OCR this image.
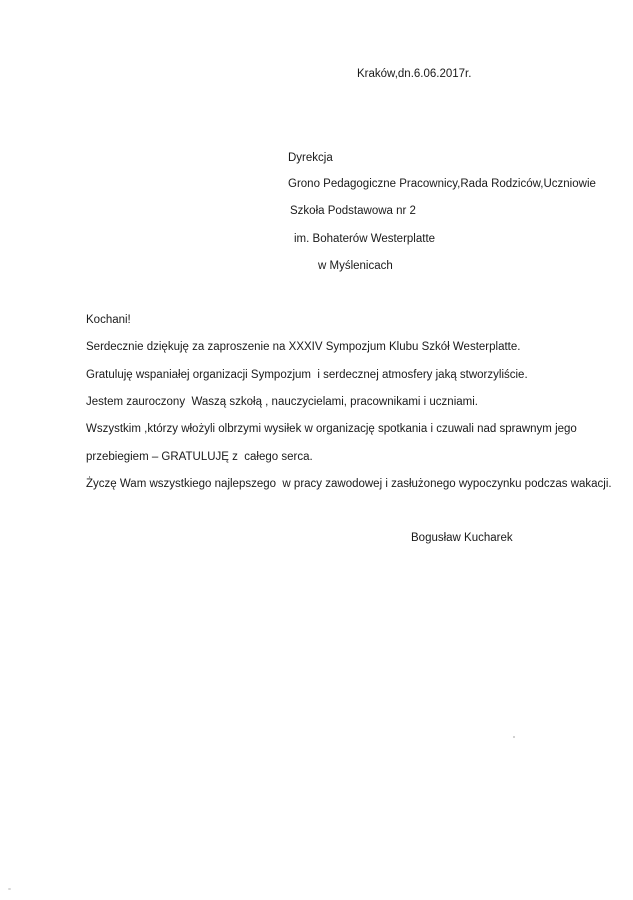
Kraków,dn.6.06.2017r.
Dyrekcja
Grono Pedagogiczne Pracownicy,Rada Rodziców,Uczniowie
Szkoła Podstawowa nr 2
im. Bohaterów Westerplatte
w Myślenicach
Kochani!
Serdecznie dziękuję za zaproszenie na XXXIV Sympozjum Klubu Szkół Westerplatte.
Gratuluję wspaniałej organizacji Sympozjum  i serdecznej atmosfery jaką stworzyliście.
Jestem zauroczony  Waszą szkołą , nauczycielami, pracownikami i uczniami.
Wszystkim ,którzy włożyli olbrzymi wysiłek w organizację spotkania i czuwali nad sprawnym jego
przebiegiem – GRATULUJĘ z  całego serca.
Życzę Wam wszystkiego najlepszego  w pracy zawodowej i zasłużonego wypoczynku podczas wakacji.
Bogusław Kucharek
